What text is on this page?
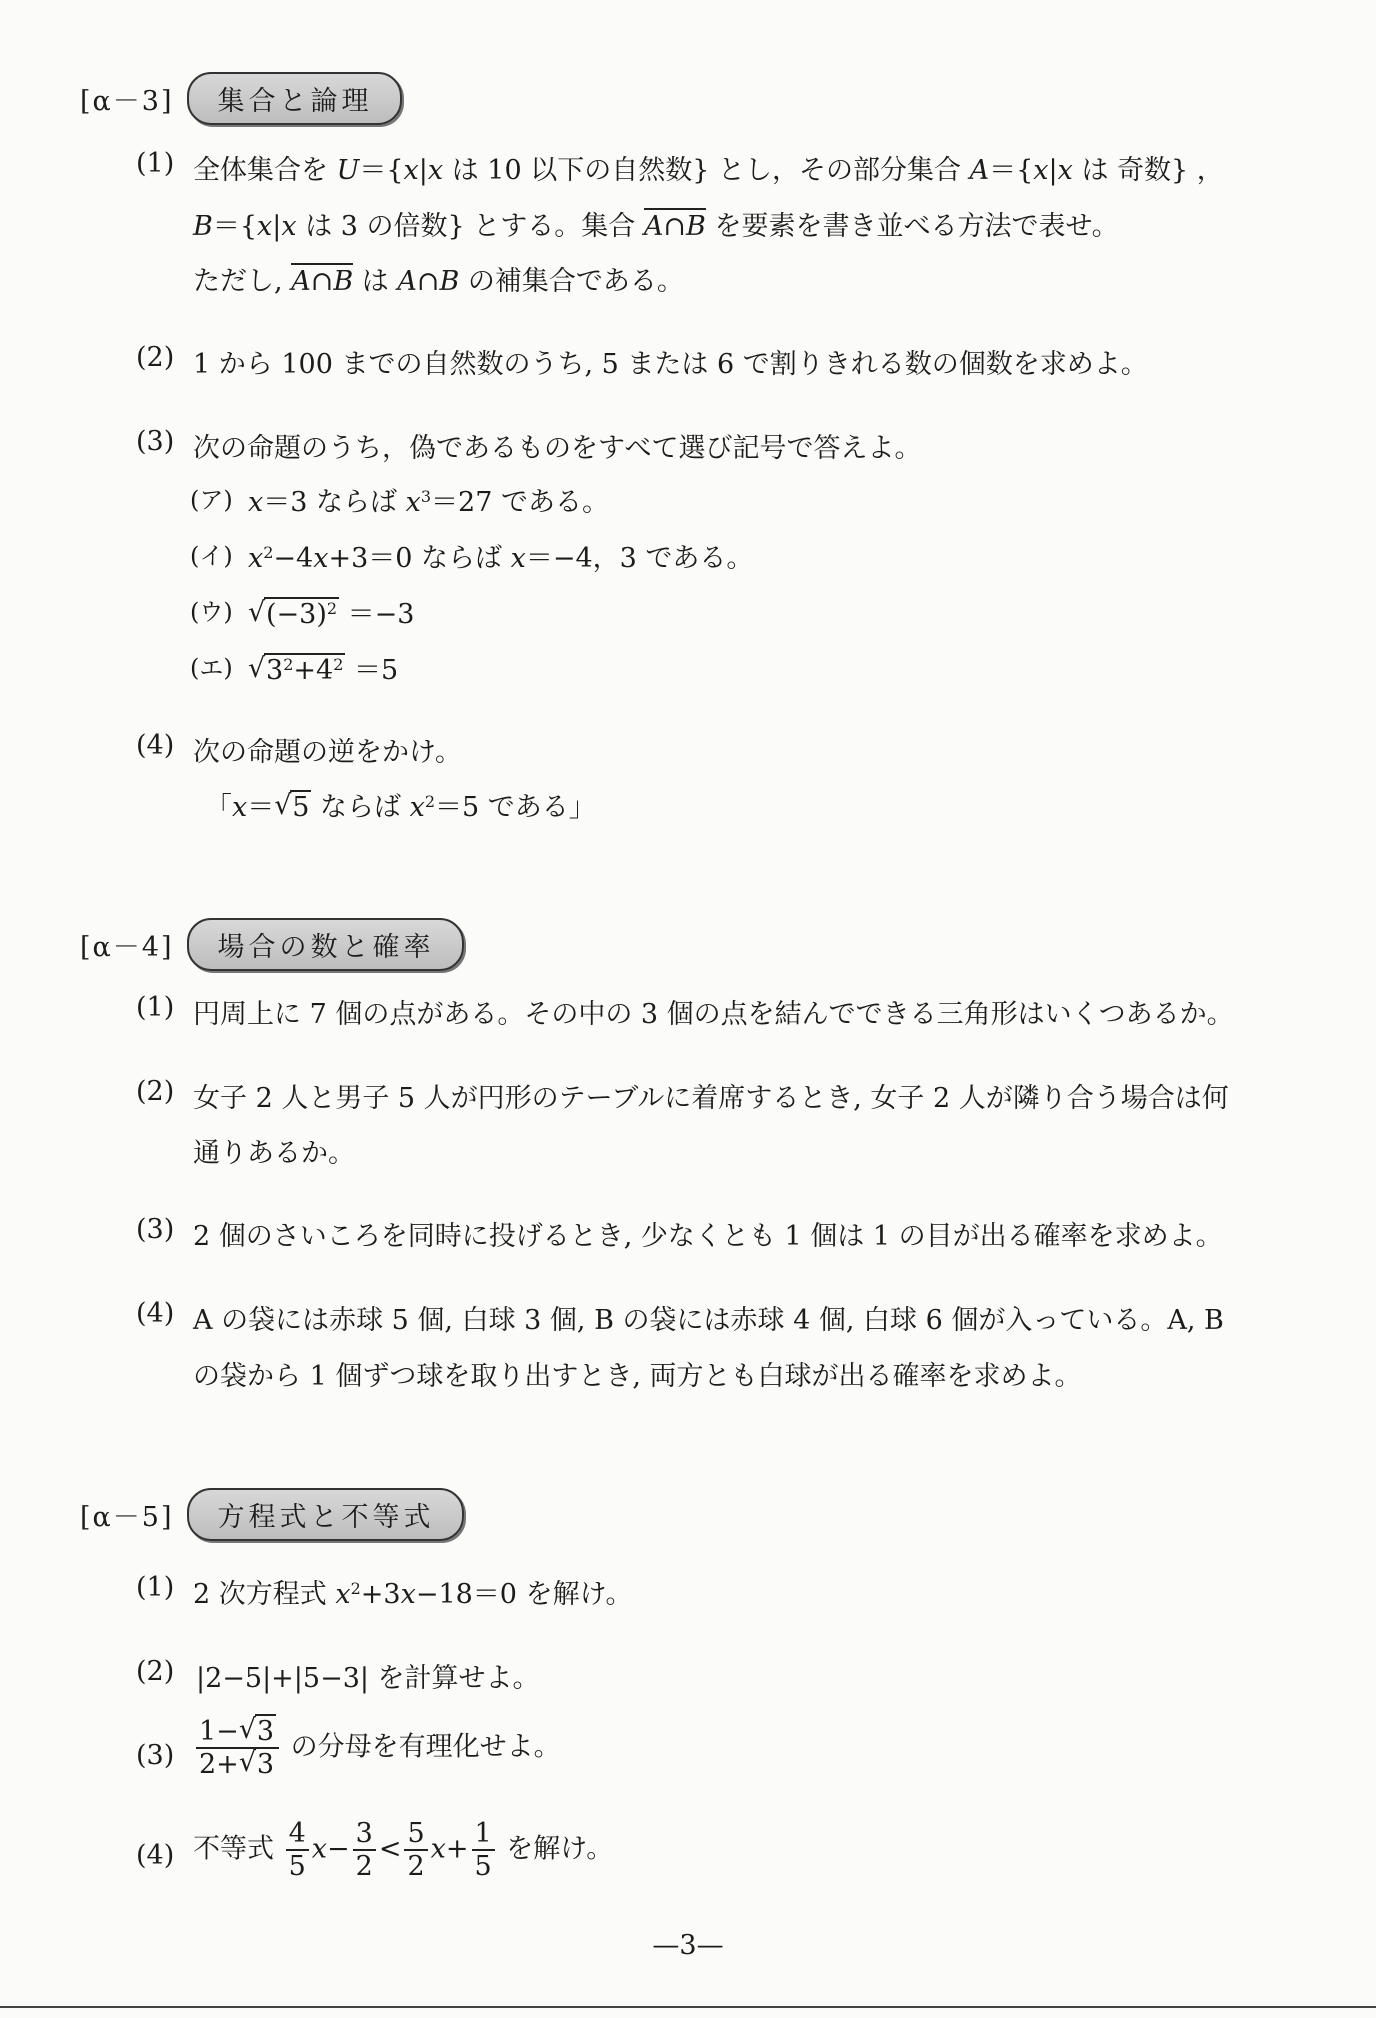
[α－3]	集合と論理
(1) 全体集合を U＝{x|x は 10 以下の自然数} とし，その部分集合 A＝{x|x は 奇数} ，
B＝{x|x は 3 の倍数} とする。集合 A∩B を要素を書き並べる方法で表せ。
ただし, A∩B は A∩B の補集合である。
(2) 1 から 100 までの自然数のうち, 5 または 6 で割りきれる数の個数を求めよ。
(3) 次の命題のうち，偽であるものをすべて選び記号で答えよ。
(ア) x＝3 ならば $x^3=27$ である。
(イ) $x^2-4x+3=0$ ならば x＝−4，3 である。
(ウ)	√ $(-3)^2 =-3$
(エ)	√ $3^2+4^2 =5$
(4) 次の命題の逆をかけ。
「x＝ √ 5 ならば $x^2=5$ である」
[α－4]	場合の数と確率
(1) 円周上に 7 個の点がある。その中の 3 個の点を結んでできる三角形はいくつあるか。
(2) 女子 2 人と男子 5 人が円形のテーブルに着席するとき, 女子 2 人が隣り合う場合は何
通りあるか。
(3) 2 個のさいころを同時に投げるとき, 少なくとも 1 個は 1 の目が出る確率を求めよ。
(4) A の袋には赤球 5 個, 白球 3 個, B の袋には赤球 4 個, 白球 6 個が入っている。A, B
の袋から 1 個ずつ球を取り出すとき, 両方とも白球が出る確率を求めよ。
[α－5]	方程式と不等式
(1) 2 次方程式 $x^2+3x-18=0$ を解け。
(2) |2−5|+|5−3| を計算せよ。
$(3) \frac{1- √ 3}{2+ √ 3}$ の分母を有理化せよ。
(4) 不等式 $\frac{4}{5} x- \frac{3}{2} < \frac{5}{2} x+ \frac{1}{5}$ を解け。
—3—
